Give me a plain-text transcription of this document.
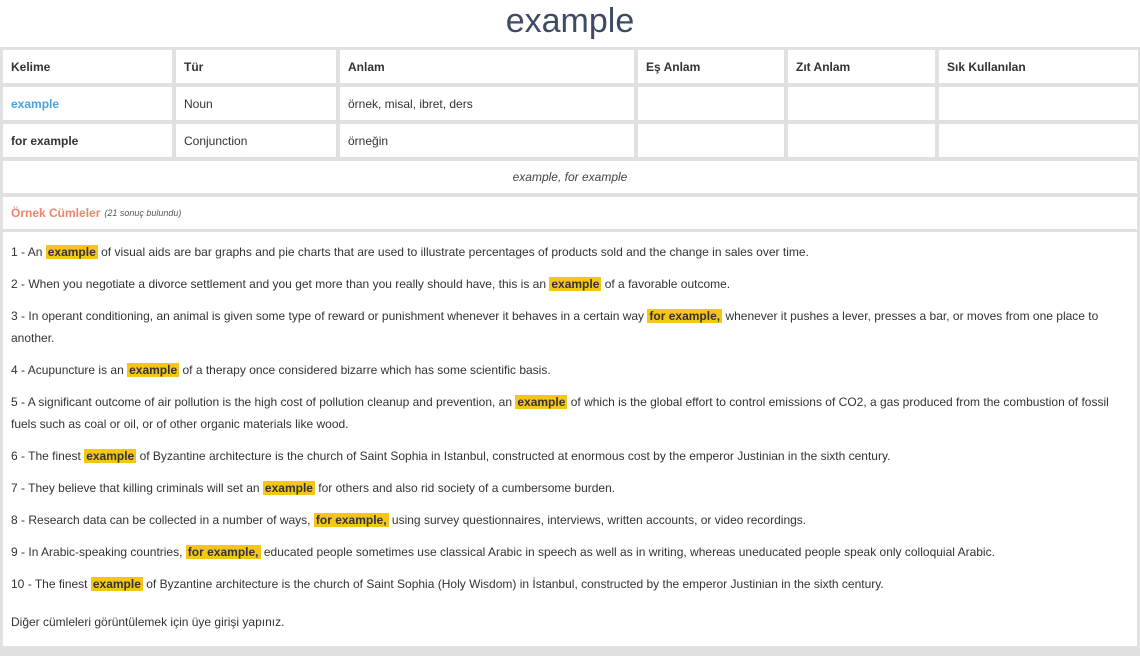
example
Kelime	Tür	Anlam	Eş Anlam	Zıt Anlam	Sık Kullanılan
example	Noun	örnek, misal, ibret, ders
for example	Conjunction	örneğin
example, for example
Örnek Cümleler (21 sonuç bulundu)
1 - An example of visual aids are bar graphs and pie charts that are used to illustrate percentages of products sold and the change in sales over time.
2 - When you negotiate a divorce settlement and you get more than you really should have, this is an example of a favorable outcome.
3 - In operant conditioning, an animal is given some type of reward or punishment whenever it behaves in a certain way for example, whenever it pushes a lever, presses a bar, or moves from one place to another.
4 - Acupuncture is an example of a therapy once considered bizarre which has some scientific basis.
5 - A significant outcome of air pollution is the high cost of pollution cleanup and prevention, an example of which is the global effort to control emissions of CO2, a gas produced from the combustion of fossil fuels such as coal or oil, or of other organic materials like wood.
6 - The finest example of Byzantine architecture is the church of Saint Sophia in Istanbul, constructed at enormous cost by the emperor Justinian in the sixth century.
7 - They believe that killing criminals will set an example for others and also rid society of a cumbersome burden.
8 - Research data can be collected in a number of ways, for example, using survey questionnaires, interviews, written accounts, or video recordings.
9 - In Arabic-speaking countries, for example, educated people sometimes use classical Arabic in speech as well as in writing, whereas uneducated people speak only colloquial Arabic.
10 - The finest example of Byzantine architecture is the church of Saint Sophia (Holy Wisdom) in İstanbul, constructed by the emperor Justinian in the sixth century.
Diğer cümleleri görüntülemek için üye girişi yapınız.
